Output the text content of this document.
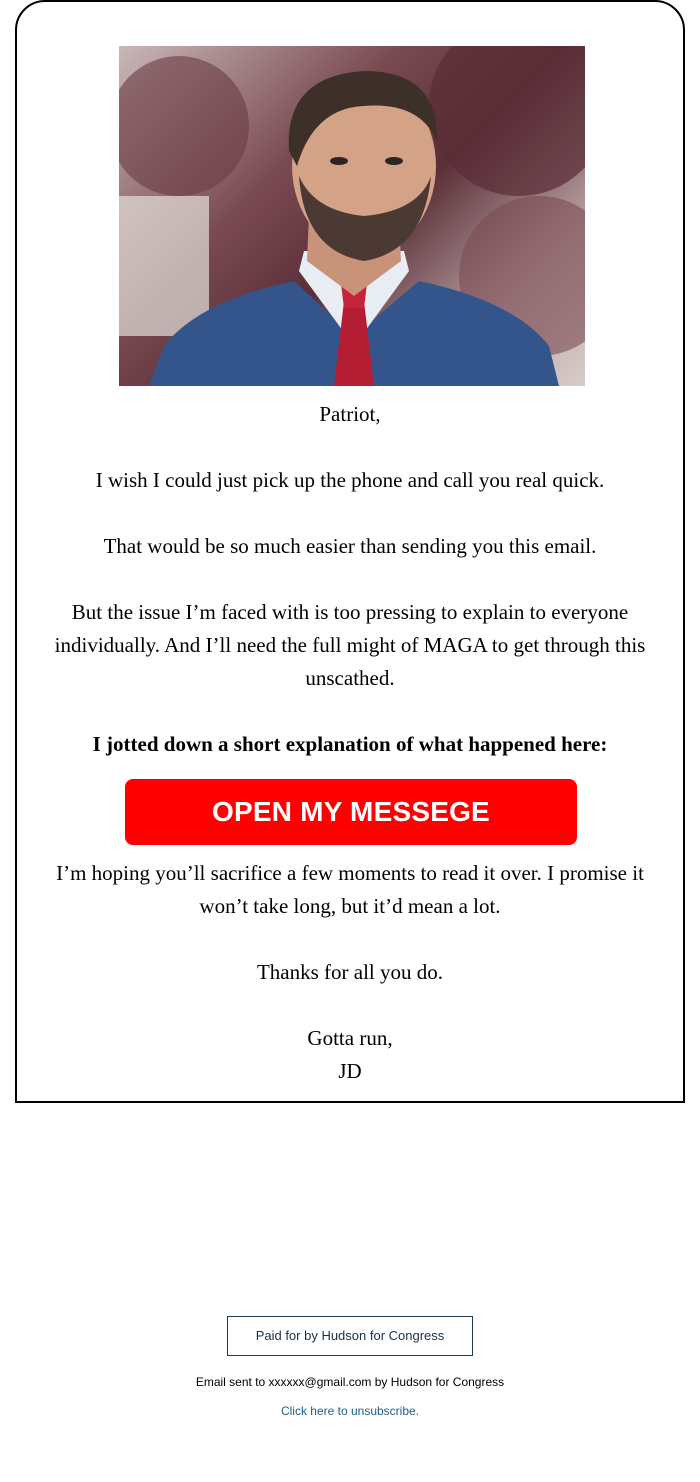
Patriot,

I wish I could just pick up the phone and call you real quick.

That would be so much easier than sending you this email.

But the issue I’m faced with is too pressing to explain to everyone individually. And I’ll need the full might of MAGA to get through this unscathed.

I jotted down a short explanation of what happened here:

OPEN MY MESSEGE

I’m hoping you’ll sacrifice a few moments to read it over. I promise it won’t take long, but it’d mean a lot.

Thanks for all you do.

Gotta run,

JD

Paid for by Hudson for Congress
Email sent to xxxxxx@gmail.com by Hudson for Congress
Click here to unsubscribe.
